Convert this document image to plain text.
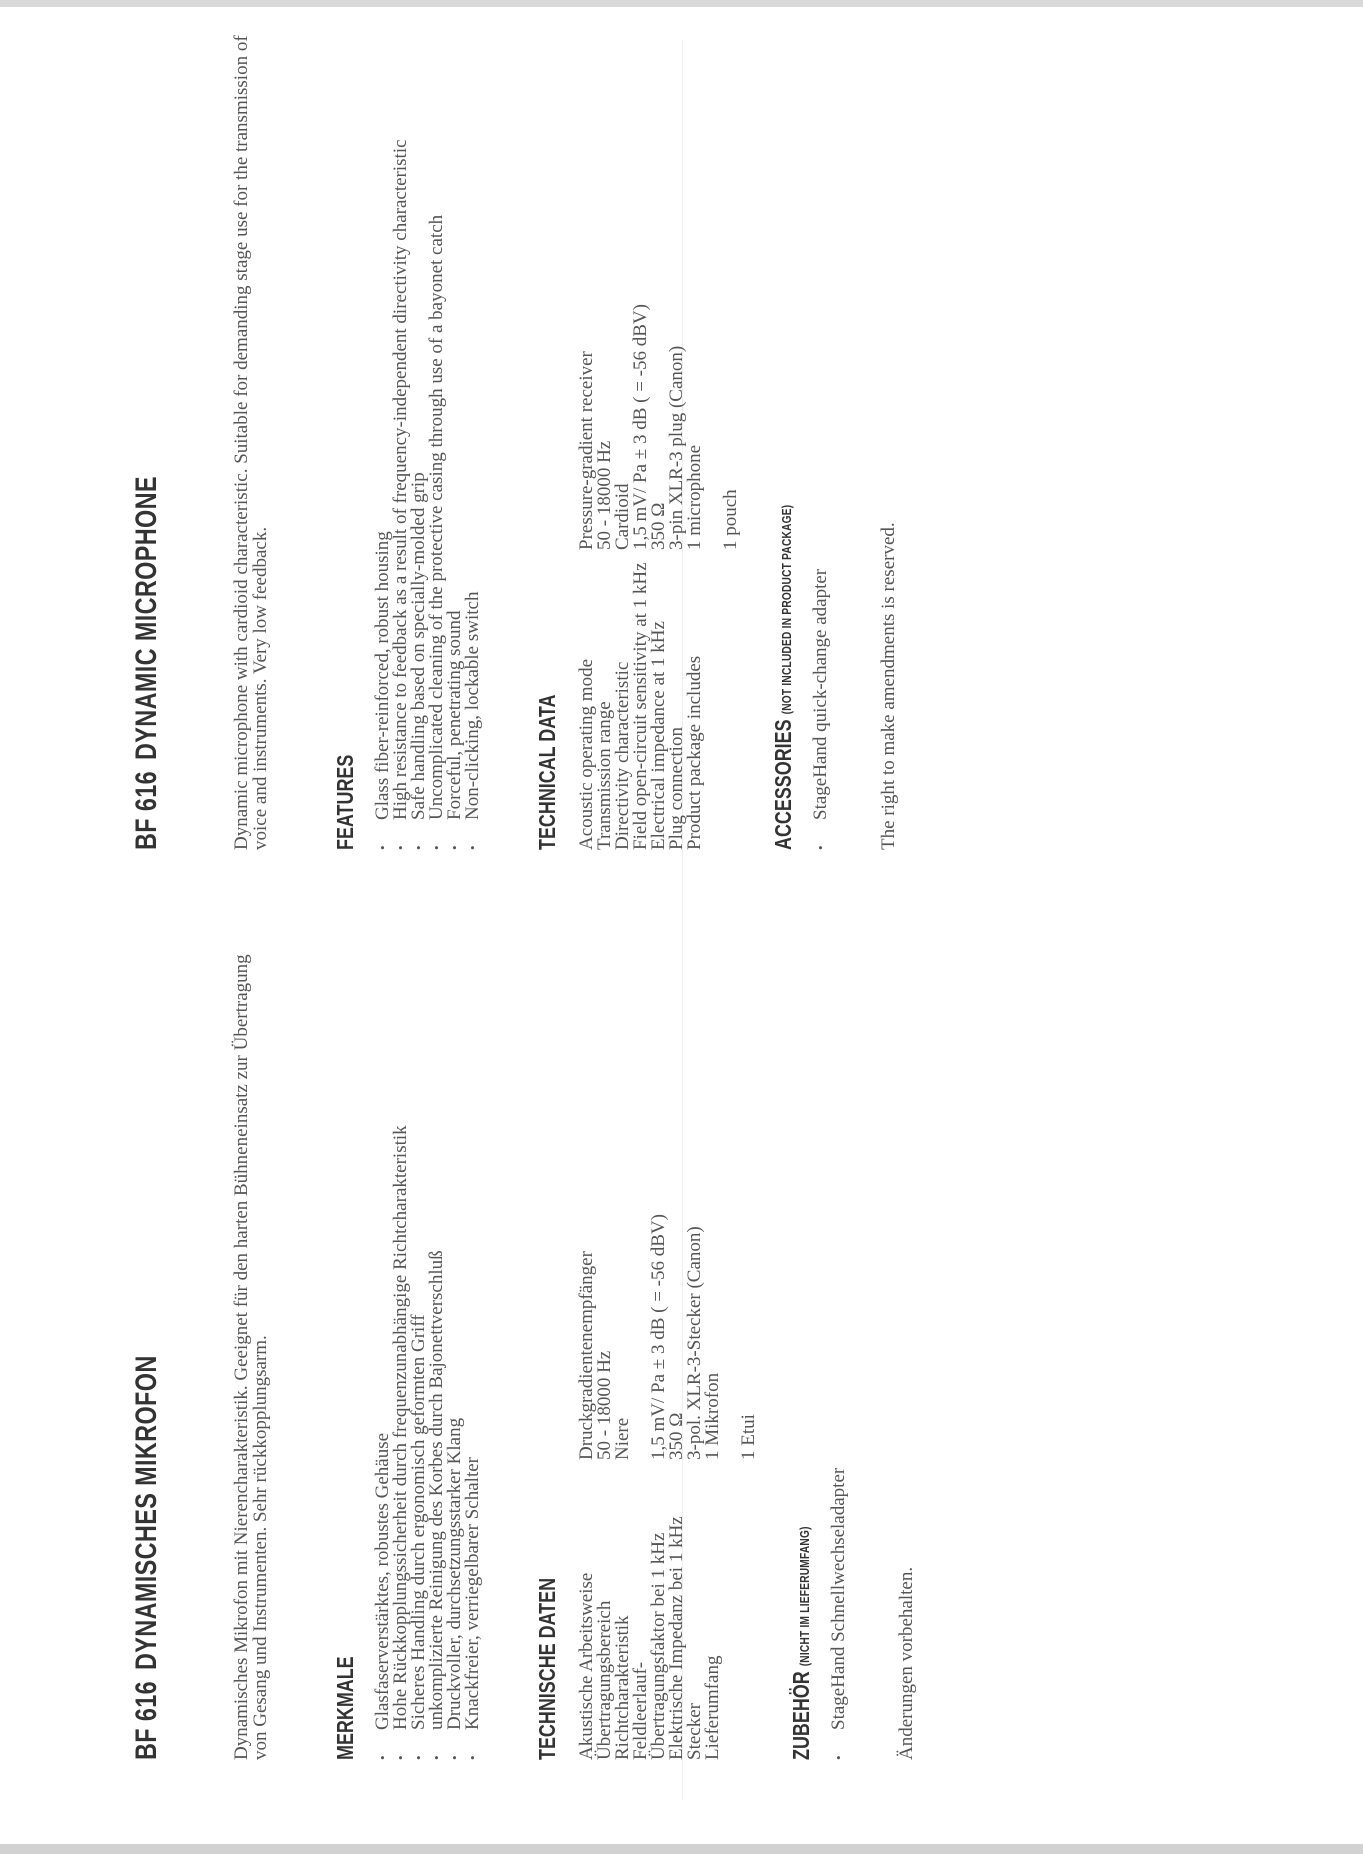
BF 616DYNAMIC MICROPHONE	Dynamic microphone with cardioid characteristic. Suitable for demanding stage use for the transmission of voice and instruments. Very low feedback.	FEATURES • Glass fiber-reinforced, robust housing
• High resistance to feedback as a result of frequency-independent directivity characteristic
• Safe handling based on specially-molded grip
• Uncomplicated cleaning of the protective casing through use of a bayonet catch
• Forceful, penetrating sound
• Non-clicking, lockable switch TECHNICAL DATA Acoustic operating mode	Pressure-gradient receiver
Transmission range	50 - 18000 Hz
Directivity characteristic	Cardioid
Field open-circuit sensitivity at 1 kHz	1,5 mV/ Pa ± 3 dB ( = -56 dBV)
Electrical impedance at 1 kHz	350 Ω
Plug connection	3-pin XLR-3 plug (Canon)
Product package includes	1 microphone

	1 pouch
ACCESSORIES (NOT INCLUDED IN PRODUCT PACKAGE) • StageHand quick-change adapter The right to make amendments is reserved.
BF 616DYNAMISCHES MIKROFON	Dynamisches Mikrofon mit Nierencharakteristik. Geeignet für den harten Bühneneinsatz zur Übertragung von Gesang und Instrumenten. Sehr rückkopplungsarm.	MERKMALE • Glasfaserverstärktes, robustes Gehäuse
• Hohe Rückkopplungssicherheit durch frequenzunabhängige Richtcharakteristik
• Sicheres Handling durch ergonomisch geformten Griff
• unkomplizierte Reinigung des Korbes durch Bajonettverschluß
• Druckvoller, durchsetzungsstarker Klang
• Knackfreier, verriegelbarer Schalter TECHNISCHE DATEN Akustische Arbeitsweise	Druckgradientenempfänger
Übertragungsbereich	50 - 18000 Hz
Richtcharakteristik	Niere
Feldleerlauf-	
Übertragungsfaktor bei 1 kHz	1,5 mV/ Pa ± 3 dB ( = -56 dBV)
Elektrische Impedanz bei 1 kHz	350 Ω
Stecker	3-pol. XLR-3-Stecker (Canon)
Lieferumfang	1 Mikrofon

	1 Etui
ZUBEHÖR (NICHT IM LIEFERUMFANG) • StageHand Schnellwechseladapter Änderungen vorbehalten.
